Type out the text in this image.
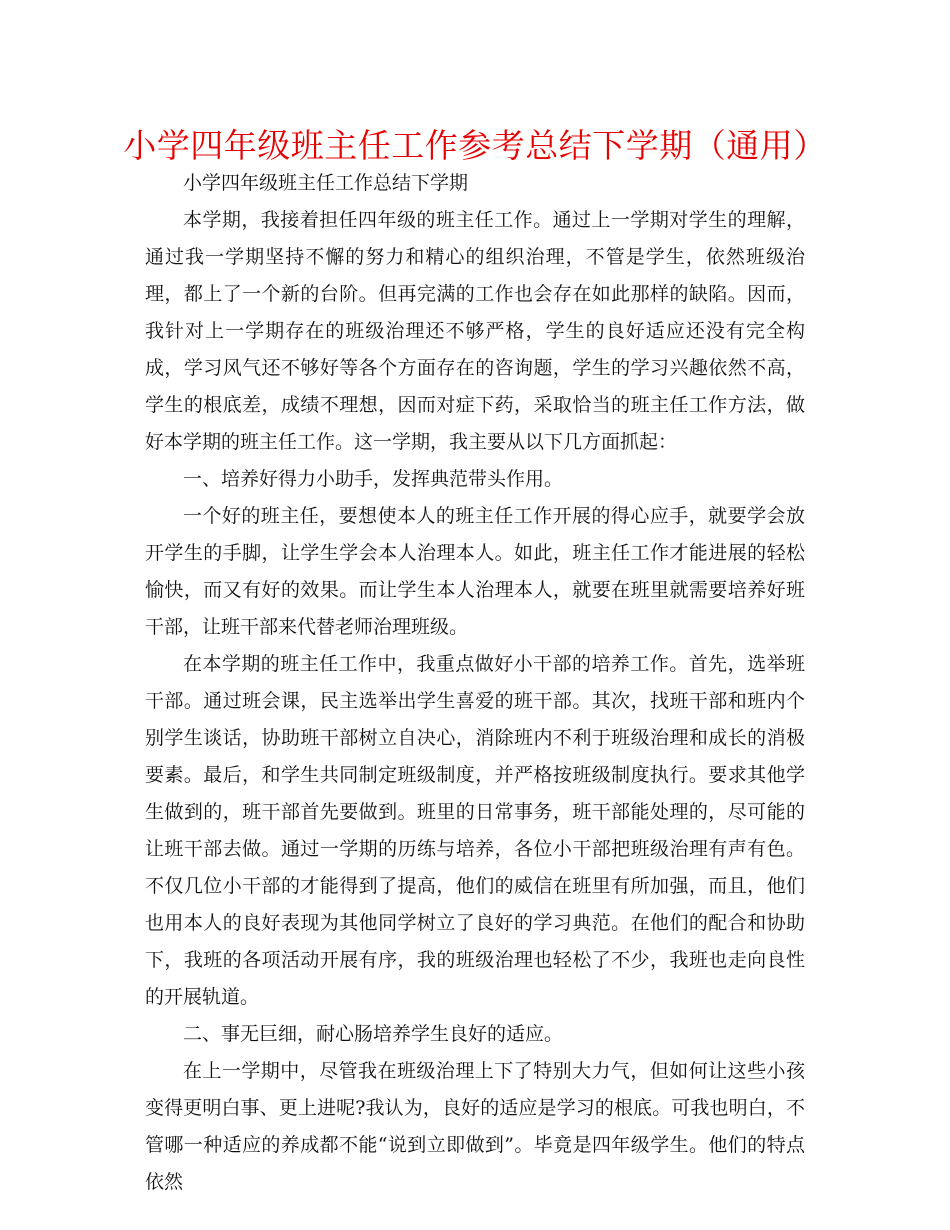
小学四年级班主任工作参考总结下学期（通用）

小学四年级班主任工作总结下学期

本学期，我接着担任四年级的班主任工作。通过上一学期对学生的理解，通过我一学期坚持不懈的努力和精心的组织治理，不管是学生，依然班级治理，都上了一个新的台阶。但再完满的工作也会存在如此那样的缺陷。因而，我针对上一学期存在的班级治理还不够严格，学生的良好适应还没有完全构成，学习风气还不够好等各个方面存在的咨询题，学生的学习兴趣依然不高，学生的根底差，成绩不理想，因而对症下药，采取恰当的班主任工作方法，做好本学期的班主任工作。这一学期，我主要从以下几方面抓起：

一、培养好得力小助手，发挥典范带头作用。

一个好的班主任，要想使本人的班主任工作开展的得心应手，就要学会放开学生的手脚，让学生学会本人治理本人。如此，班主任工作才能进展的轻松愉快，而又有好的效果。而让学生本人治理本人，就要在班里就需要培养好班干部，让班干部来代替老师治理班级。

在本学期的班主任工作中，我重点做好小干部的培养工作。首先，选举班干部。通过班会课，民主选举出学生喜爱的班干部。其次，找班干部和班内个别学生谈话，协助班干部树立自决心，消除班内不利于班级治理和成长的消极要素。最后，和学生共同制定班级制度，并严格按班级制度执行。要求其他学生做到的，班干部首先要做到。班里的日常事务，班干部能处理的，尽可能的让班干部去做。通过一学期的历练与培养，各位小干部把班级治理有声有色。不仅几位小干部的才能得到了提高，他们的威信在班里有所加强，而且，他们也用本人的良好表现为其他同学树立了良好的学习典范。在他们的配合和协助下，我班的各项活动开展有序，我的班级治理也轻松了不少，我班也走向良性的开展轨道。

二、事无巨细，耐心肠培养学生良好的适应。

在上一学期中，尽管我在班级治理上下了特别大力气，但如何让这些小孩变得更明白事、更上进呢?我认为，良好的适应是学习的根底。可我也明白，不管哪一种适应的养成都不能“说到立即做到”。毕竟是四年级学生。他们的特点依然
